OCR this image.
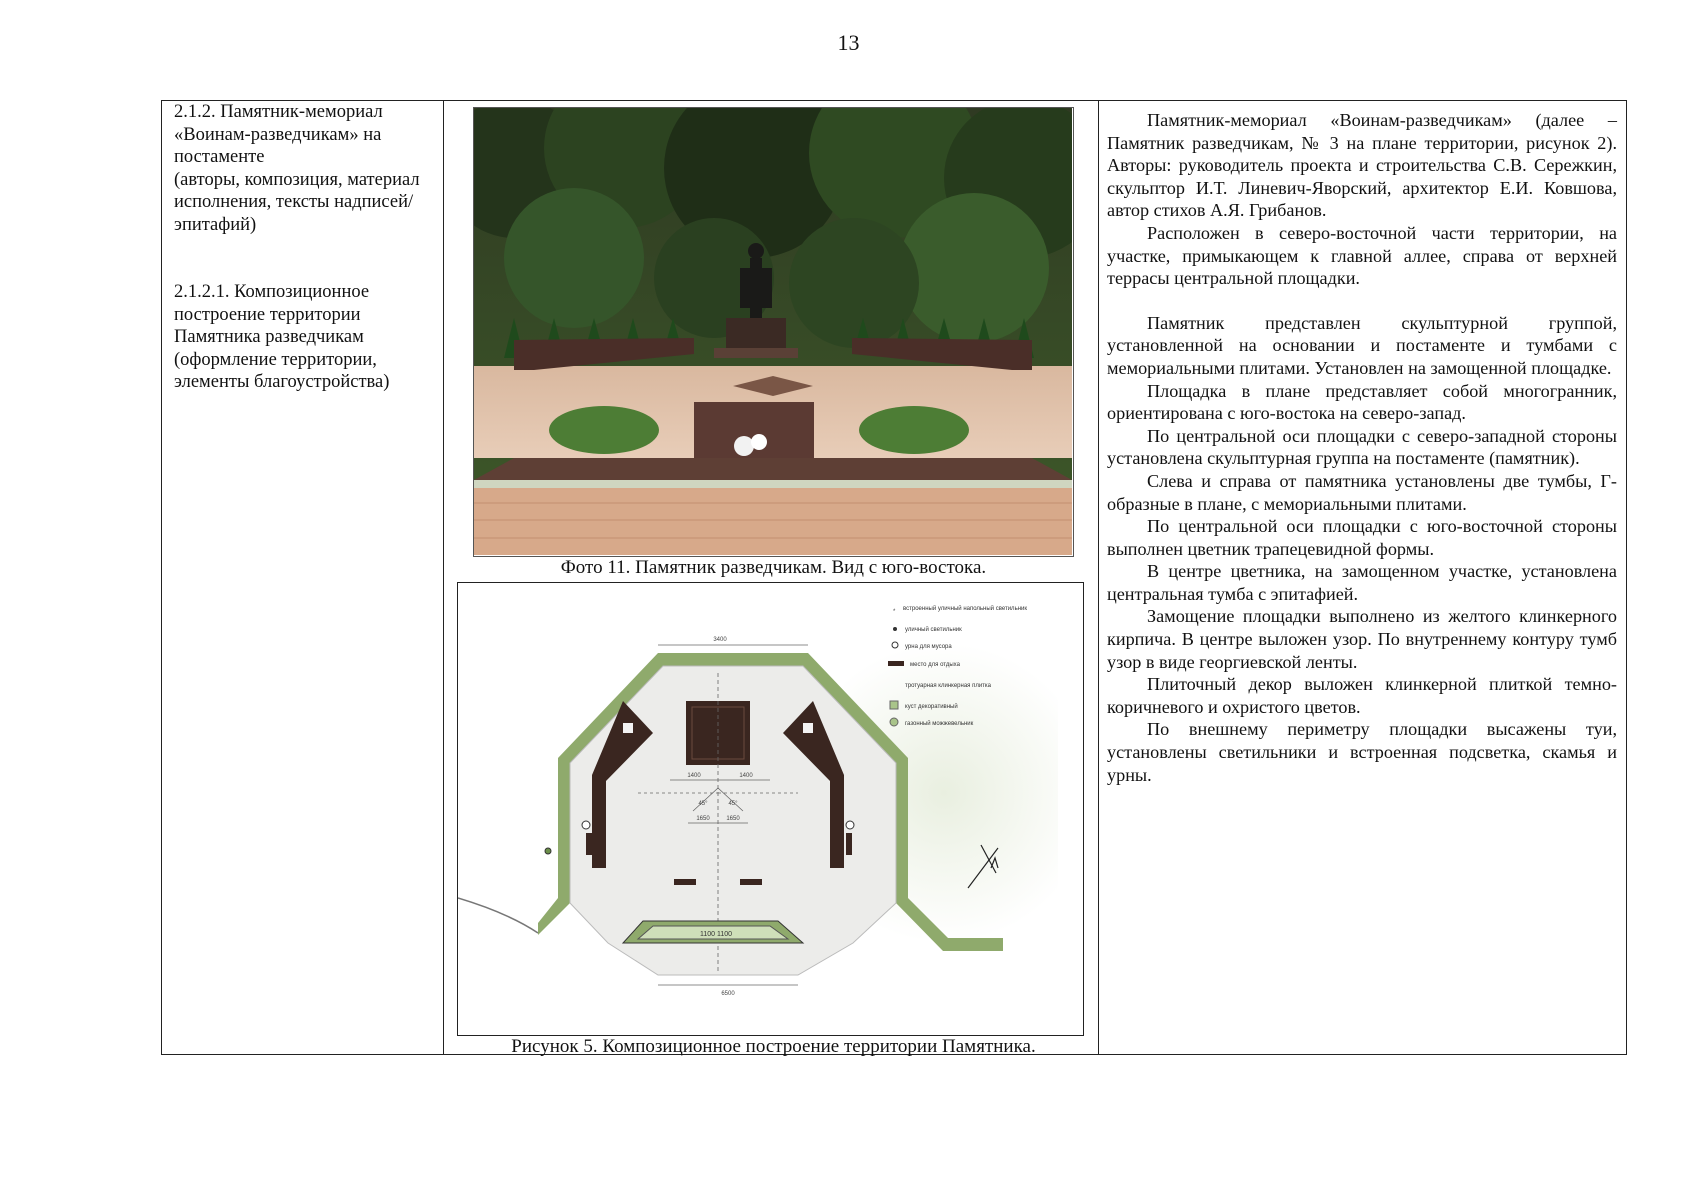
13

2.1.2. Памятник-мемориал «Воинам-разведчикам» на постаменте

(авторы, композиция, материал исполнения, тексты надписей/эпитафий)

2.1.2.1. Композиционное построение территории Памятника разведчикам

(оформление территории, элементы благоустройства)

Фото 11. Памятник разведчикам. Вид с юго-востока.
3400
1400	1400
1650	1650
45°	45°
6500
1100 1100
* встроенный уличный напольный светильник
уличный светильник
урна для мусора
место для отдыха
тротуарная клинкерная плитка
куст декоративный
газонный можжевельник
Рисунок 5. Композиционное построение территории Памятника.

Памятник-мемориал «Воинам-разведчикам» (далее – Памятник разведчикам, № 3 на плане территории, рисунок 2). Авторы: руководитель проекта и строительства С.В. Сережкин, скульптор И.Т. Линевич-Яворский, архитектор Е.И. Ковшова, автор стихов А.Я. Грибанов.

Расположен в северо-восточной части территории, на участке, примыкающем к главной аллее, справа от верхней террасы центральной площадки.

Памятник представлен скульптурной группой, установленной на основании и постаменте и тумбами с мемориальными плитами. Установлен на замощенной площадке.

Площадка в плане представляет собой многогранник, ориентирована с юго-востока на северо-запад.

По центральной оси площадки с северо-западной стороны установлена скульптурная группа на постаменте (памятник).

Слева и справа от памятника установлены две тумбы, Г-образные в плане, с мемориальными плитами.

По центральной оси площадки с юго-восточной стороны выполнен цветник трапецевидной формы.

В центре цветника, на замощенном участке, установлена центральная тумба с эпитафией.

Замощение площадки выполнено из желтого клинкерного кирпича. В центре выложен узор. По внутреннему контуру тумб узор в виде георгиевской ленты.

Плиточный декор выложен клинкерной плиткой темно-коричневого и охристого цветов.

По внешнему периметру площадки высажены туи, установлены светильники и встроенная подсветка, скамья и урны.
